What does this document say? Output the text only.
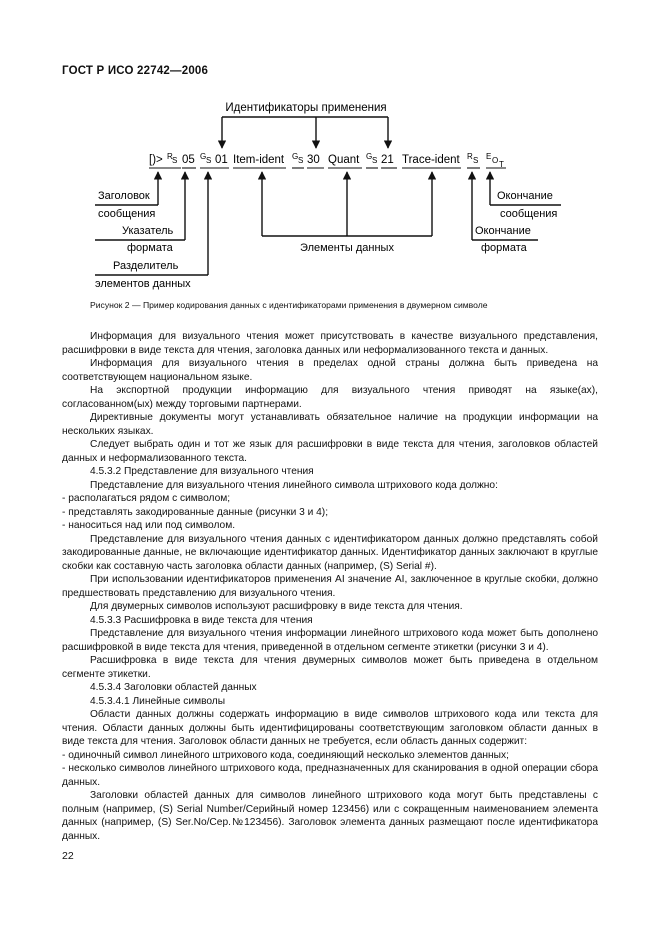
ГОСТ Р ИСО 22742—2006
Идентификаторы применения
[)> R S 05 G S 01 Item-ident G S 30 Quant G S 21 Trace-ident R S E O T
Заголовок
сообщения
Указатель
формата
Разделитель
элементов данных
Элементы данных
Окончание
сообщения
Окончание
формата
Рисунок 2 — Пример кодирования данных с идентификаторами применения в двумерном символе

Информация для визуального чтения может присутствовать в качестве визуального представления, расшифровки в виде текста для чтения, заголовка данных или неформализованного текста и данных.

Информация для визуального чтения в пределах одной страны должна быть приведена на соответствующем национальном языке.

На экспортной продукции информацию для визуального чтения приводят на языке(ах), согласованном(ых) между торговыми партнерами.

Директивные документы могут устанавливать обязательное наличие на продукции информации на нескольких языках.

Следует выбрать один и тот же язык для расшифровки в виде текста для чтения, заголовков областей данных и неформализованного текста.

4.5.3.2 Представление для визуального чтения

Представление для визуального чтения линейного символа штрихового кода должно:

- располагаться рядом с символом;

- представлять закодированные данные (рисунки 3 и 4);

- наноситься над или под символом.

Представление для визуального чтения данных с идентификатором данных должно представлять собой закодированные данные, не включающие идентификатор данных. Идентификатор данных заключают в круглые скобки как составную часть заголовка области данных (например, (S) Serial #).

При использовании идентификаторов применения AI значение AI, заключенное в круглые скобки, должно предшествовать представлению для визуального чтения.

Для двумерных символов используют расшифровку в виде текста для чтения.

4.5.3.3 Расшифровка в виде текста для чтения

Представление для визуального чтения информации линейного штрихового кода может быть дополнено расшифровкой в виде текста для чтения, приведенной в отдельном сегменте этикетки (рисунки 3 и 4).

Расшифровка в виде текста для чтения двумерных символов может быть приведена в отдельном сегменте этикетки.

4.5.3.4 Заголовки областей данных

4.5.3.4.1 Линейные символы

Области данных должны содержать информацию в виде символов штрихового кода или текста для чтения. Области данных должны быть идентифицированы соответствующим заголовком области данных в виде текста для чтения. Заголовок области данных не требуется, если область данных содержит:

- одиночный символ линейного штрихового кода, соединяющий несколько элементов данных;

- несколько символов линейного штрихового кода, предназначенных для сканирования в одной операции сбора данных.

Заголовки областей данных для символов линейного штрихового кода могут быть представлены с полным (например, (S) Serial Number/Серийный номер 123456) или с сокращенным наименованием элемента данных (например, (S) Ser.No/Сер.№123456). Заголовок элемента данных размещают после идентификатора данных.

22
